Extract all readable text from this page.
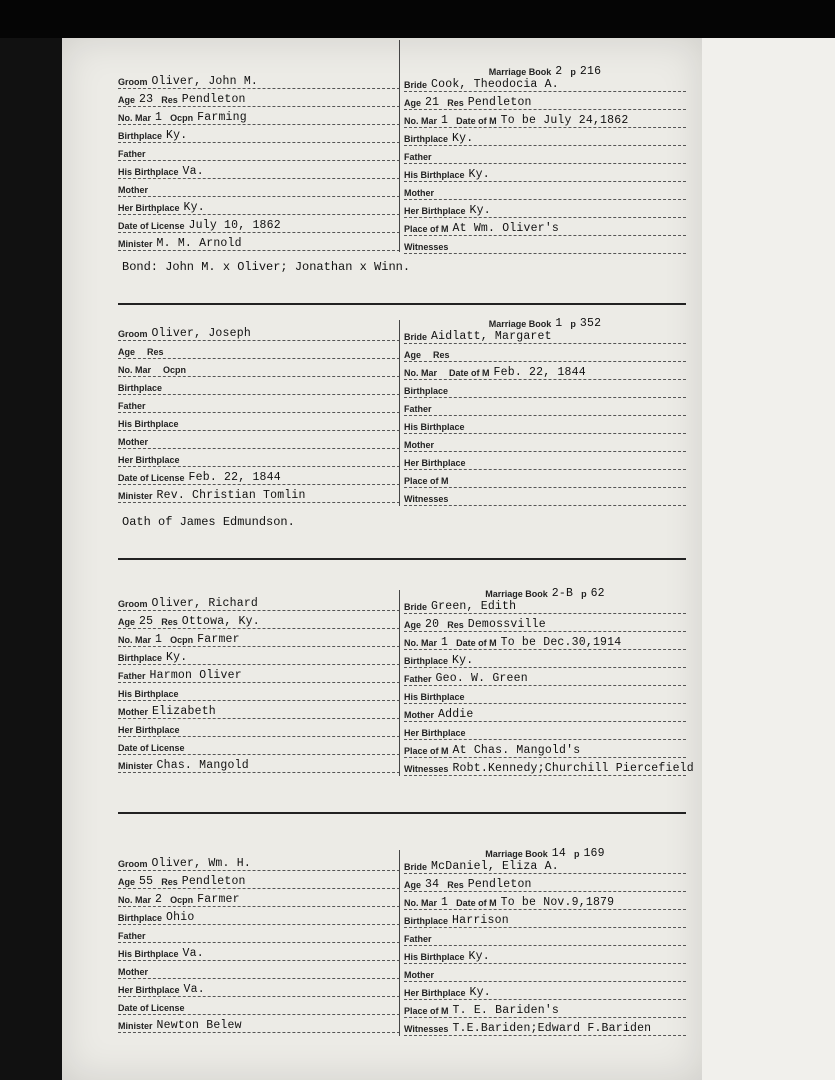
Groom Oliver, John M.
Age 23 Res Pendleton
No. Mar 1 Ocpn Farming
Birthplace Ky.
Father
His Birthplace Va.
Mother
Her Birthplace Ky.
Date of License July 10, 1862
Minister M. M. Arnold
Marriage Book 2 p 216
Bride Cook, Theodocia A.
Age 21 Res Pendleton
No. Mar 1 Date of M To be July 24,1862
Birthplace Ky.
Father
His Birthplace Ky.
Mother
Her Birthplace Ky.
Place of M At Wm. Oliver's
Witnesses
Bond: John M. x Oliver; Jonathan x Winn.
Groom Oliver, Joseph
Age	Res
No. Mar	Ocpn
Birthplace
Father
His Birthplace
Mother
Her Birthplace
Date of License Feb. 22, 1844
Minister Rev. Christian Tomlin
Marriage Book 1 p 352
Bride Aidlatt, Margaret
Age	Res
No. Mar	Date of M Feb. 22, 1844
Birthplace
Father
His Birthplace
Mother
Her Birthplace
Place of M
Witnesses
Oath of James Edmundson.
Groom Oliver, Richard
Age 25 Res Ottowa, Ky.
No. Mar 1 Ocpn Farmer
Birthplace Ky.
Father Harmon Oliver
His Birthplace
Mother Elizabeth
Her Birthplace
Date of License
Minister Chas. Mangold
Marriage Book 2-B p 62
Bride Green, Edith
Age 20 Res Demossville
No. Mar 1 Date of M To be Dec.30,1914
Birthplace Ky.
Father Geo. W. Green
His Birthplace
Mother Addie
Her Birthplace
Place of M At Chas. Mangold's
Witnesses Robt.Kennedy;Churchill Piercefield
Groom Oliver, Wm. H.
Age 55 Res Pendleton
No. Mar 2 Ocpn Farmer
Birthplace Ohio
Father
His Birthplace Va.
Mother
Her Birthplace Va.
Date of License
Minister Newton Belew
Marriage Book 14 p 169
Bride McDaniel, Eliza A.
Age 34 Res Pendleton
No. Mar 1 Date of M To be Nov.9,1879
Birthplace Harrison
Father
His Birthplace Ky.
Mother
Her Birthplace Ky.
Place of M T. E. Bariden's
Witnesses T.E.Bariden;Edward F.Bariden
